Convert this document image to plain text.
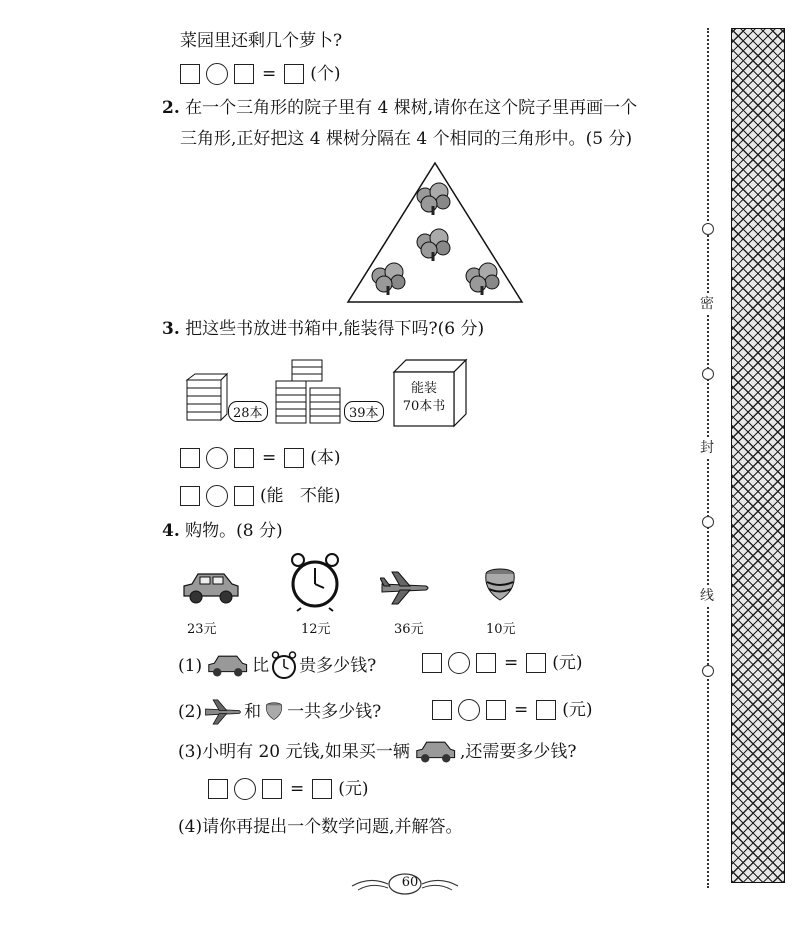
菜园里还剩几个萝卜?
= (个)
2. 在一个三角形的院子里有 4 棵树,请你在这个院子里再画一个
三角形,正好把这 4 棵树分隔在 4 个相同的三角形中。(5 分)
3. 把这些书放进书箱中,能装得下吗?(6 分)
28本	39本
能装
70本书
= (本)
(能   不能)
4. 购物。(8 分)
23元	12元	36元	10元
(1)	比 贵多少钱?	= (元)
(2) 和 一共多少钱?	= (元)
(3)小明有 20 元钱,如果买一辆	,还需要多少钱?
= (元)
(4)请你再提出一个数学问题,并解答。
60
密
封
线
